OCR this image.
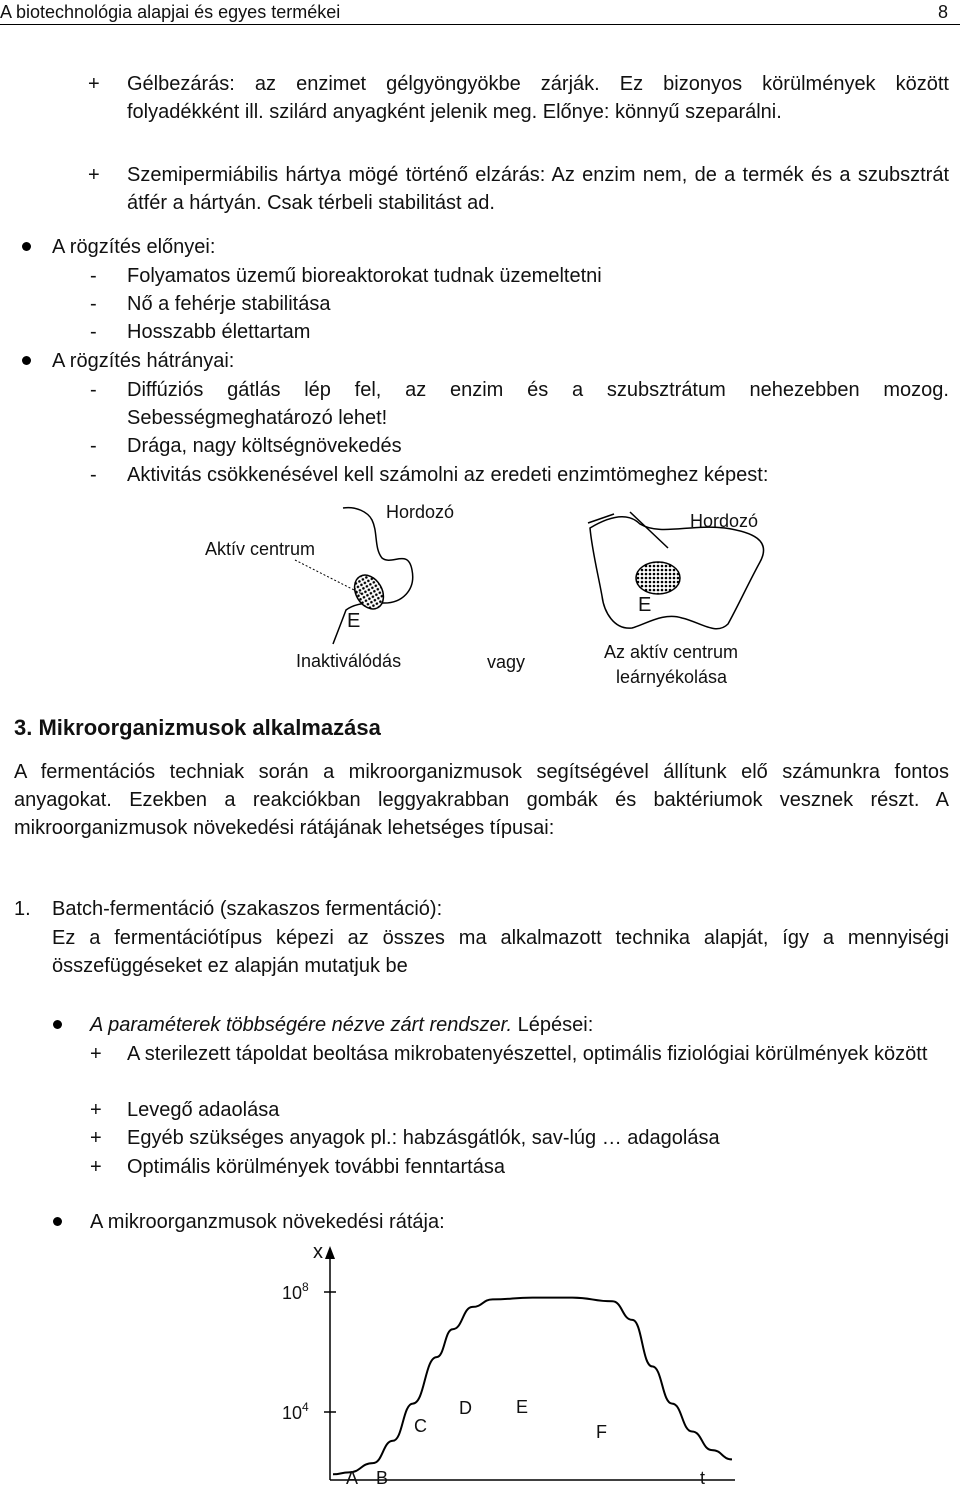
A biotechnológia alapjai és egyes termékei	8
+ Gélbezárás: az enzimet gélgyöngyökbe zárják. Ez bizonyos körülmények között folyadékként ill. szilárd anyagként jelenik meg. Előnye: könnyű szeparálni.
+ Szemipermiábilis hártya mögé történő elzárás: Az enzim nem, de a termék és a szubsztrát átfér a hártyán. Csak térbeli stabilitást ad.
A rögzítés előnyei:
- Folyamatos üzemű bioreaktorokat tudnak üzemeltetni
- Nő a fehérje stabilitása
- Hosszabb élettartam
A rögzítés hátrányai:
- Diffúziós gátlás lép fel, az enzim és a szubsztrátum nehezebben mozog. Sebességmeghatározó lehet!
- Drága, nagy költségnövekedés
- Aktivitás csökkenésével kell számolni az eredeti enzimtömeghez képest:
Hordozó
Aktív centrum
E
Inaktiválódás	vagy
Hordozó
E
Az aktív centrum
leárnyékolása
3. Mikroorganizmusok alkalmazása
A fermentációs techniak során a mikroorganizmusok segítségével állítunk elő számunkra fontos anyagokat. Ezekben a reakciókban leggyakrabban gombák és baktériumok vesznek részt. A mikroorganizmusok növekedési rátájának lehetséges típusai:
1. Batch-fermentáció (szakaszos fermentáció):
Ez a fermentációtípus képezi az összes ma alkalmazott technika alapját, így a mennyiségi összefüggéseket ez alapján mutatjuk be
A paraméterek többségére nézve zárt rendszer. Lépései:
+ A sterilezett tápoldat beoltása mikrobatenyészettel, optimális fiziológiai körülmények között
+ Levegő adaolása
+ Egyéb szükséges anyagok pl.: habzásgátlók, sav-lúg … adagolása
+ Optimális körülmények további fenntartása
A mikroorganzmusok növekedési rátája:
x
t
$10^8$
$10^4$
A B
C
D E
F
